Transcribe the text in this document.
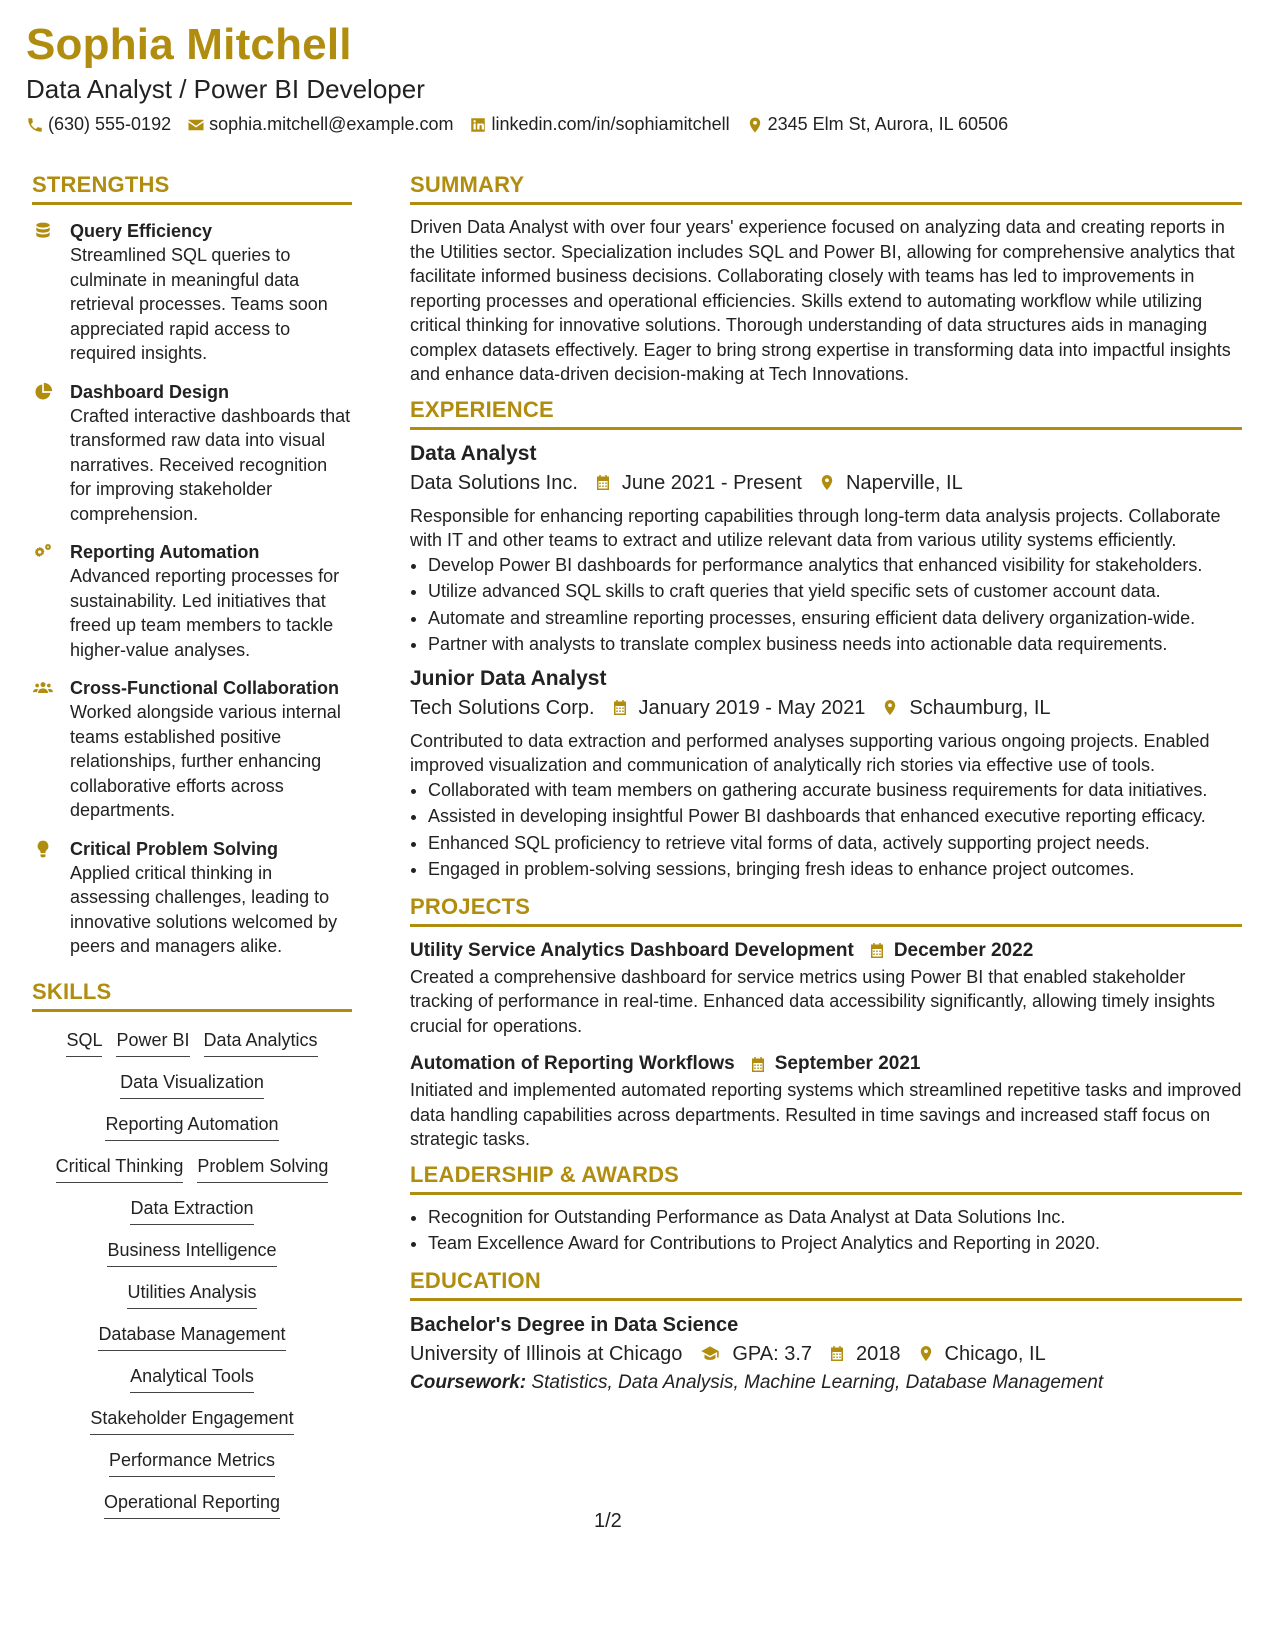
Sophia Mitchell
Data Analyst / Power BI Developer
(630) 555-0192 sophia.mitchell@example.com linkedin.com/in/sophiamitchell 2345 Elm St, Aurora, IL 60506
STRENGTHS
Query Efficiency
Streamlined SQL queries to culminate in meaningful data retrieval processes. Teams soon appreciated rapid access to required insights.
Dashboard Design
Crafted interactive dashboards that transformed raw data into visual narratives. Received recognition for improving stakeholder comprehension.
Reporting Automation
Advanced reporting processes for sustainability. Led initiatives that freed up team members to tackle higher-value analyses.
Cross-Functional Collaboration
Worked alongside various internal teams established positive relationships, further enhancing collaborative efforts across departments.
Critical Problem Solving
Applied critical thinking in assessing challenges, leading to innovative solutions welcomed by peers and managers alike.
SKILLS
SQL Power BI Data Analytics
Data Visualization
Reporting Automation
Critical Thinking Problem Solving
Data Extraction
Business Intelligence
Utilities Analysis
Database Management
Analytical Tools
Stakeholder Engagement
Performance Metrics
Operational Reporting
SUMMARY

Driven Data Analyst with over four years' experience focused on analyzing data and creating reports in the Utilities sector. Specialization includes SQL and Power BI, allowing for comprehensive analytics that facilitate informed business decisions. Collaborating closely with teams has led to improvements in reporting processes and operational efficiencies. Skills extend to automating workflow while utilizing critical thinking for innovative solutions. Thorough understanding of data structures aids in managing complex datasets effectively. Eager to bring strong expertise in transforming data into impactful insights and enhance data-driven decision-making at Tech Innovations.

EXPERIENCE
Data Analyst
Data Solutions Inc. June 2021 - Present Naperville, IL

Responsible for enhancing reporting capabilities through long-term data analysis projects. Collaborate with IT and other teams to extract and utilize relevant data from various utility systems efficiently.

• Develop Power BI dashboards for performance analytics that enhanced visibility for stakeholders.
• Utilize advanced SQL skills to craft queries that yield specific sets of customer account data.
• Automate and streamline reporting processes, ensuring efficient data delivery organization-wide.
• Partner with analysts to translate complex business needs into actionable data requirements.
Junior Data Analyst
Tech Solutions Corp. January 2019 - May 2021 Schaumburg, IL

Contributed to data extraction and performed analyses supporting various ongoing projects. Enabled improved visualization and communication of analytically rich stories via effective use of tools.

• Collaborated with team members on gathering accurate business requirements for data initiatives.
• Assisted in developing insightful Power BI dashboards that enhanced executive reporting efficacy.
• Enhanced SQL proficiency to retrieve vital forms of data, actively supporting project needs.
• Engaged in problem-solving sessions, bringing fresh ideas to enhance project outcomes.
PROJECTS
Utility Service Analytics Dashboard Development December 2022

Created a comprehensive dashboard for service metrics using Power BI that enabled stakeholder tracking of performance in real-time. Enhanced data accessibility significantly, allowing timely insights crucial for operations.

Automation of Reporting Workflows September 2021

Initiated and implemented automated reporting systems which streamlined repetitive tasks and improved data handling capabilities across departments. Resulted in time savings and increased staff focus on strategic tasks.

LEADERSHIP & AWARDS
• Recognition for Outstanding Performance as Data Analyst at Data Solutions Inc.
• Team Excellence Award for Contributions to Project Analytics and Reporting in 2020.
EDUCATION
Bachelor's Degree in Data Science
University of Illinois at Chicago	GPA: 3.7 2018 Chicago, IL
Coursework: Statistics, Data Analysis, Machine Learning, Database Management
1/2
